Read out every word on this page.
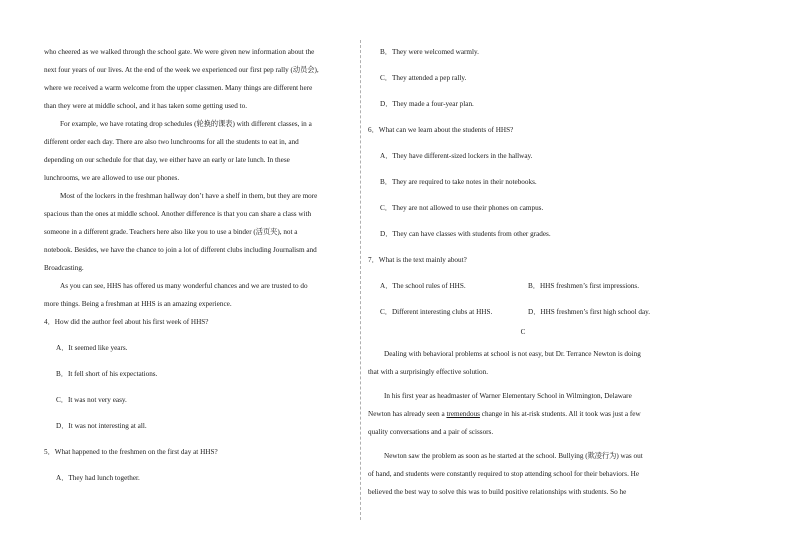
who cheered as we walked through the school gate. We were given new information about the

next four years of our lives. At the end of the week we experienced our first pep rally (动员会),

where we received a warm welcome from the upper classmen. Many things are different here

than they were at middle school, and it has taken some getting used to.

For example, we have rotating drop schedules (轮换的课表) with different classes, in a

different order each day. There are also two lunchrooms for all the students to eat in, and

depending on our schedule for that day, we either have an early or late lunch. In these

lunchrooms, we are allowed to use our phones.

Most of the lockers in the freshman hallway don’t have a shelf in them, but they are more

spacious than the ones at middle school. Another difference is that you can share a class with

someone in a different grade. Teachers here also like you to use a binder (活页夹), not a

notebook. Besides, we have the chance to join a lot of different clubs including Journalism and

Broadcasting.

As you can see, HHS has offered us many wonderful chances and we are trusted to do

more things. Being a freshman at HHS is an amazing experience.

4．How did the author feel about his first week of HHS?

A．It seemed like years.

B．It fell short of his expectations.

C．It was not very easy.

D．It was not interesting at all.

5．What happened to the freshmen on the first day at HHS?

A．They had lunch together.

B．They were welcomed warmly.

C．They attended a pep rally.

D．They made a four-year plan.

6．What can we learn about the students of HHS?

A．They have different-sized lockers in the hallway.

B．They are required to take notes in their notebooks.

C．They are not allowed to use their phones on campus.

D．They can have classes with students from other grades.

7．What is the text mainly about?

A．The school rules of HHS.	B．HHS freshmen’s first impressions.
C．Different interesting clubs at HHS.	D．HHS freshmen’s first high school day.

C

Dealing with behavioral problems at school is not easy, but Dr. Terrance Newton is doing

that with a surprisingly effective solution.

In his first year as headmaster of Warner Elementary School in Wilmington, Delaware

Newton has already seen a tremendous change in his at-risk students. All it took was just a few

quality conversations and a pair of scissors.

Newton saw the problem as soon as he started at the school. Bullying (欺凌行为) was out

of hand, and students were constantly required to stop attending school for their behaviors. He

believed the best way to solve this was to build positive relationships with students. So he
